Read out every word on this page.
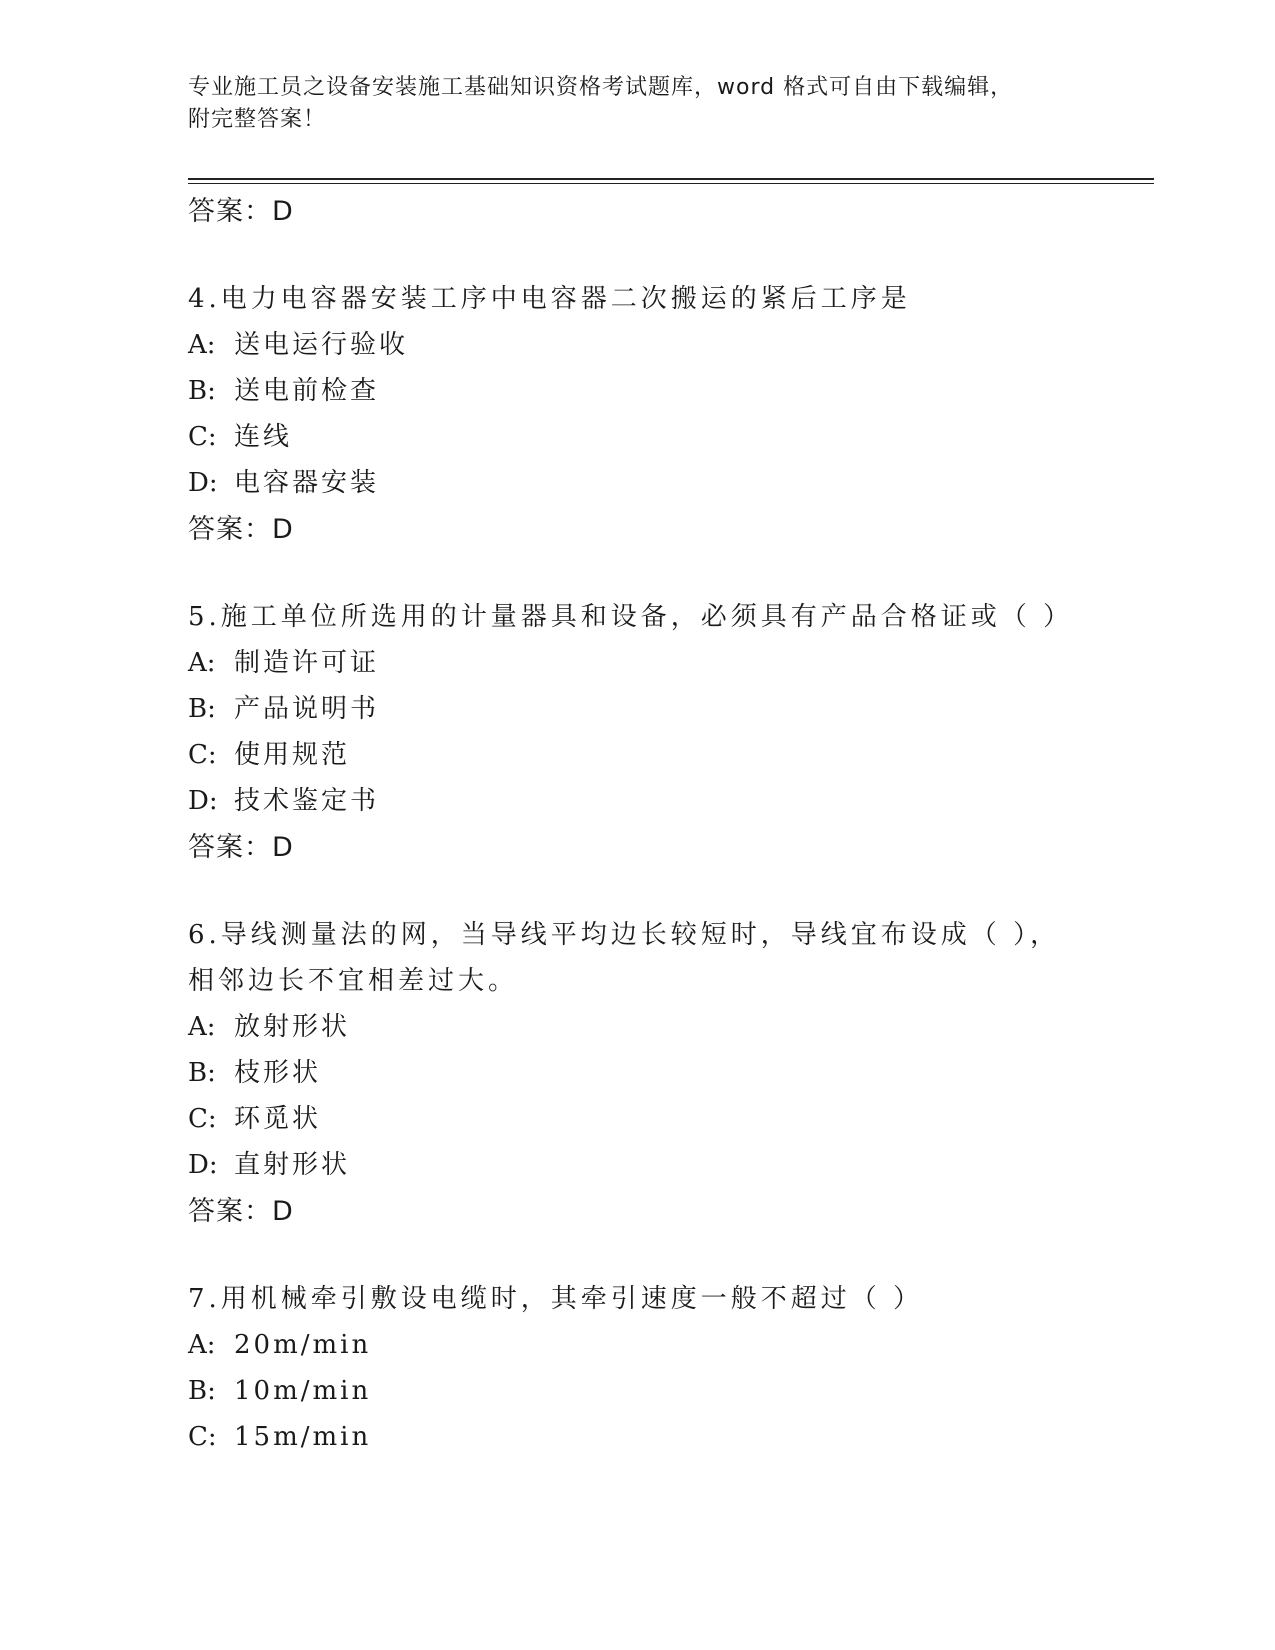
专业施工员之设备安装施工基础知识资格考试题库，word 格式可自由下载编辑，
附完整答案！
答案：D
4.电力电容器安装工序中电容器二次搬运的紧后工序是
A: 送电运行验收
B: 送电前检查
C: 连线
D: 电容器安装
答案：D
5.施工单位所选用的计量器具和设备，必须具有产品合格证或（ ）
A: 制造许可证
B: 产品说明书
C: 使用规范
D: 技术鉴定书
答案：D
6.导线测量法的网，当导线平均边长较短时，导线宜布设成（ ），相邻边长不宜相差过大。
A: 放射形状
B: 枝形状
C: 环觅状
D: 直射形状
答案：D
7.用机械牵引敷设电缆时，其牵引速度一般不超过（ ）
A: 20m/min
B: 10m/min
C: 15m/min
